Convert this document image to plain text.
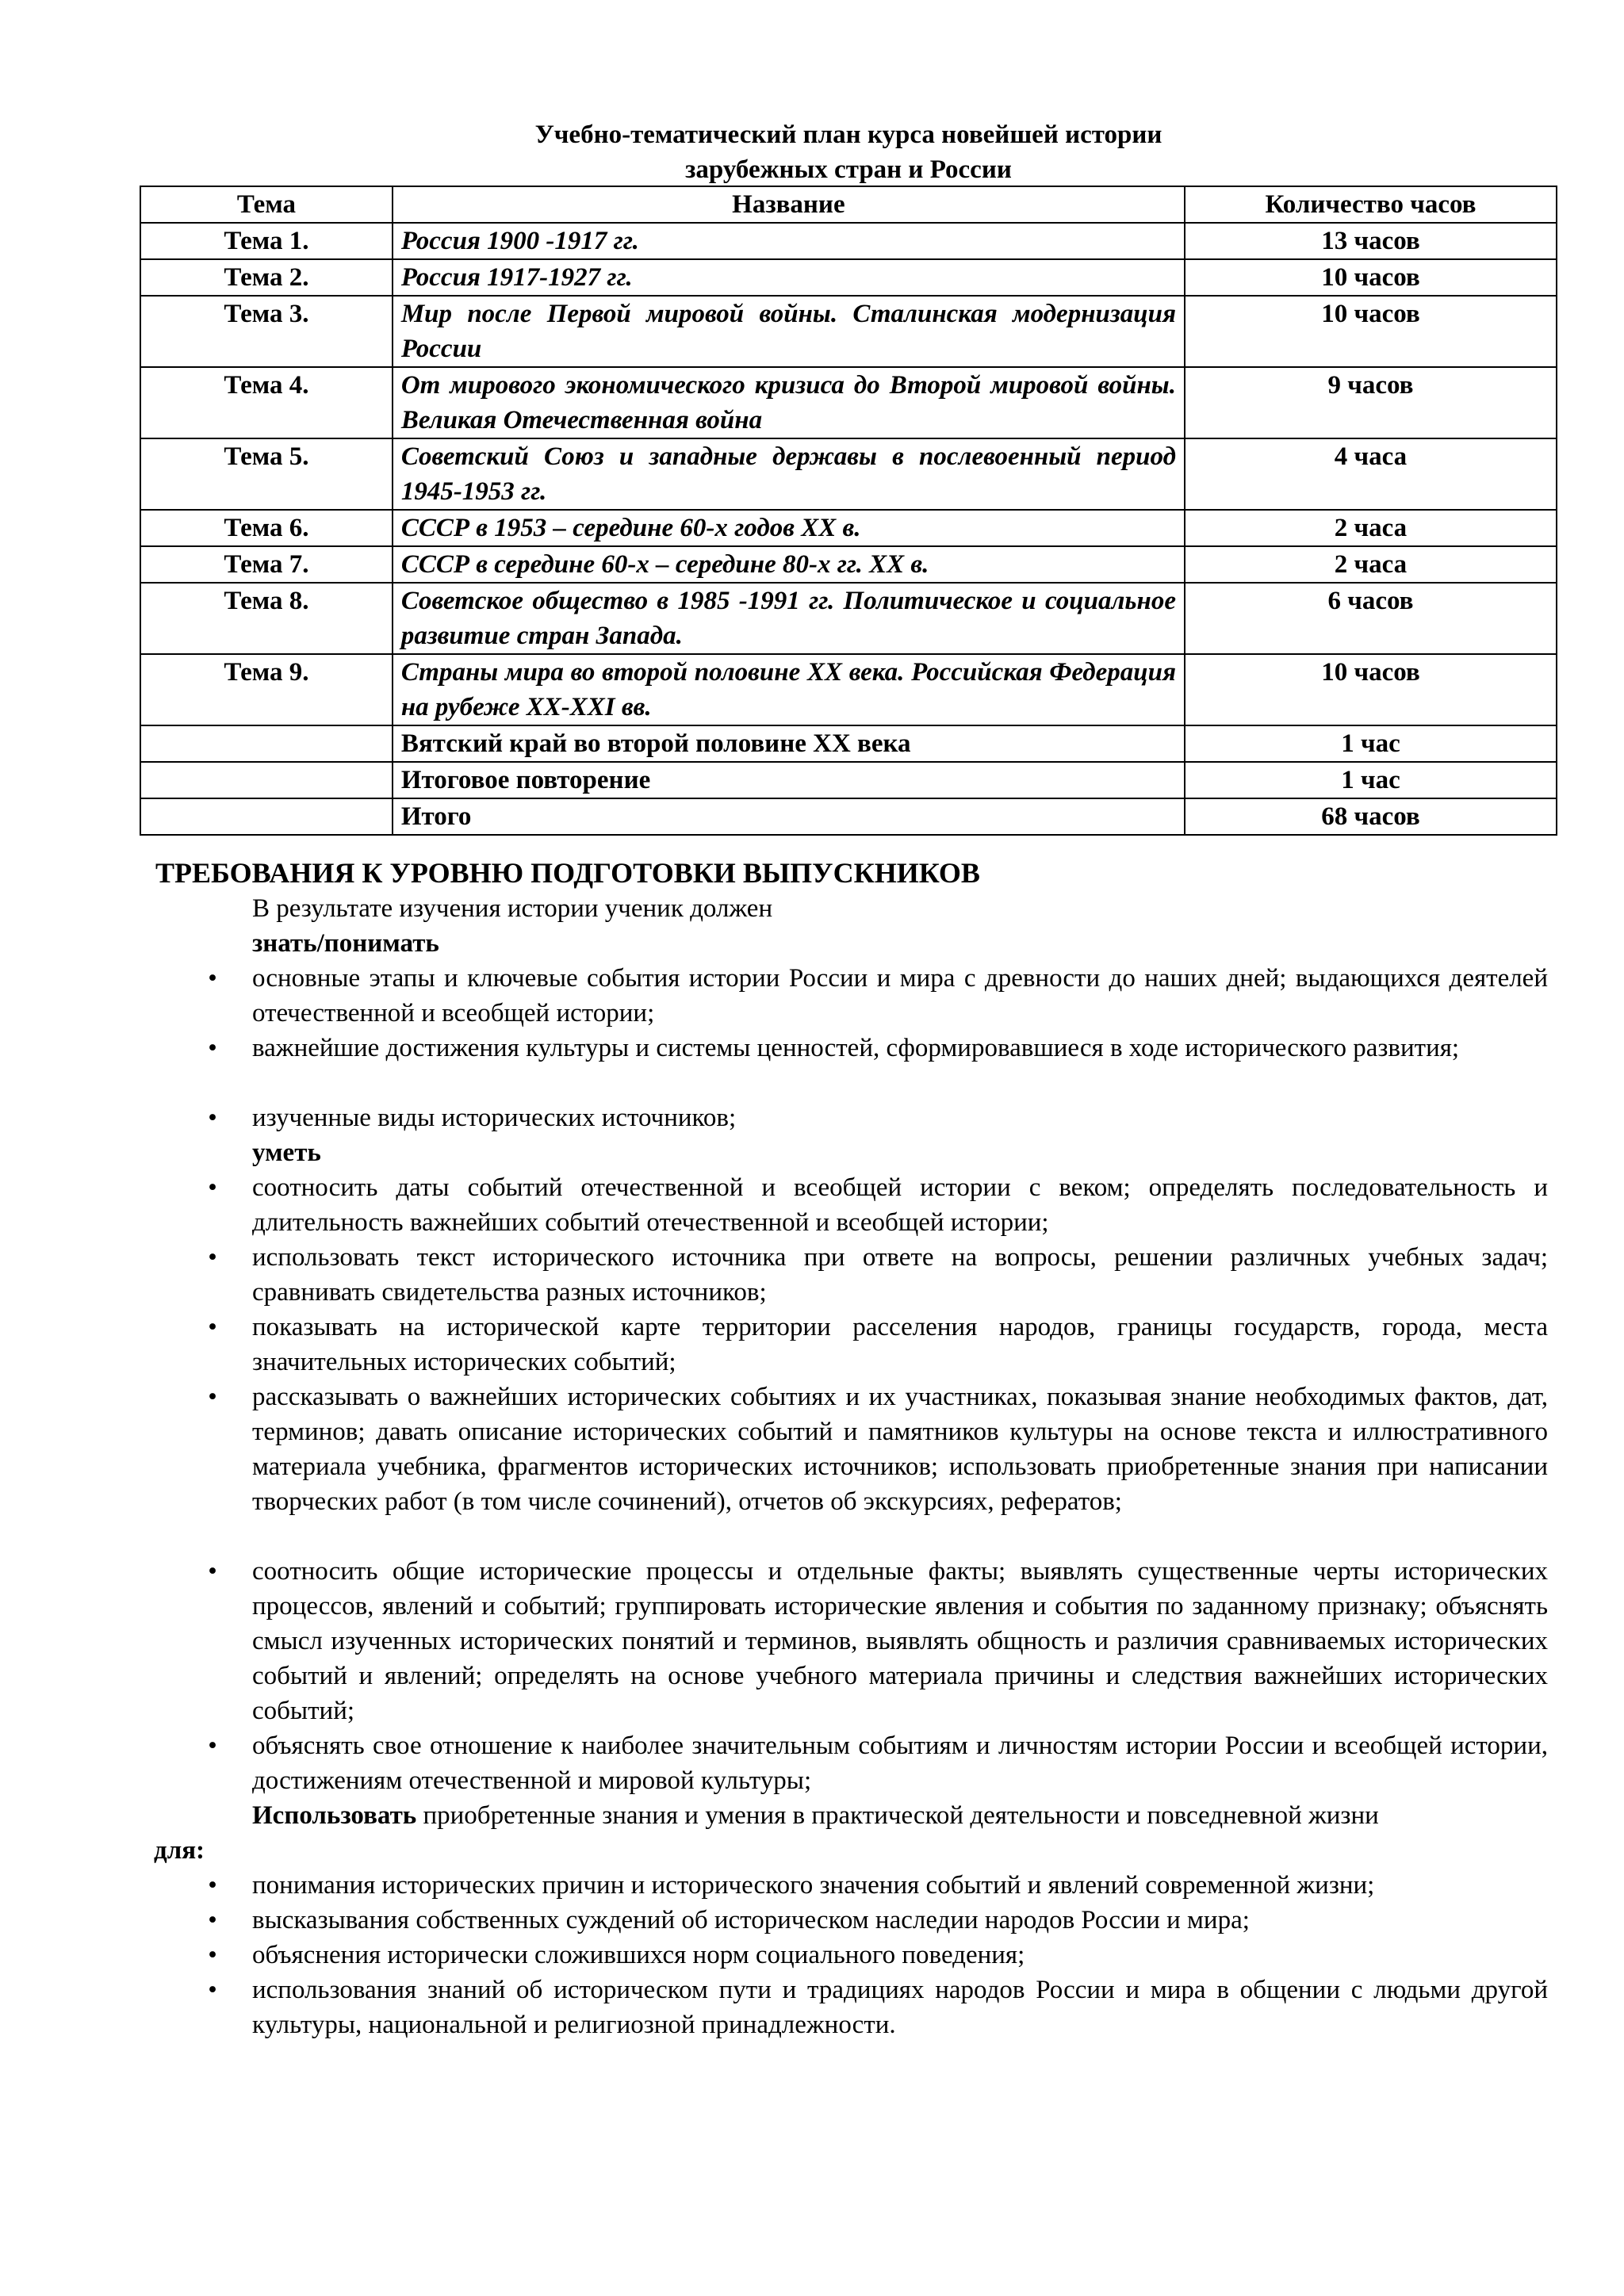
Учебно-тематический план курса новейшей истории
зарубежных стран и России
Тема	Название	Количество часов
Тема 1.	Россия 1900 -1917 гг.	13 часов
Тема 2.	Россия 1917-1927 гг.	10 часов
Тема 3.	Мир после Первой мировой войны. Сталинская модернизация России	10 часов
Тема 4.	От мирового экономического кризиса до Второй мировой войны. Великая Отечественная война	9 часов
Тема 5.	Советский Союз и западные державы в послевоенный период 1945-1953 гг.	4 часа
Тема 6.	СССР в 1953 – середине 60-х годов XX в.	2 часа
Тема 7.	СССР в середине 60-х – середине 80-х гг. XX в.	2 часа
Тема 8.	Советское общество в 1985 -1991 гг. Политическое и социальное развитие стран Запада.	6 часов
Тема 9.	Страны мира во второй половине XX века. Российская Федерация на рубеже XX-XXI вв.	10 часов
	Вятский край во второй половине XX века	1 час
	Итоговое повторение	1 час
	Итого	68 часов
ТРЕБОВАНИЯ К УРОВНЮ ПОДГОТОВКИ ВЫПУСКНИКОВ
В результате изучения истории ученик должен
знать/понимать
• основные этапы и ключевые события истории России и мира с древности до наших дней; выдающихся деятелей отечественной и всеобщей истории;
• важнейшие достижения культуры и системы ценностей, сформировавшиеся в ходе исторического развития;
• изученные виды исторических источников;
уметь
• соотносить даты событий отечественной и всеобщей истории с веком; определять последовательность и длительность важнейших событий отечественной и всеобщей истории;
• использовать текст исторического источника при ответе на вопросы, решении различных учебных задач; сравнивать свидетельства разных источников;
• показывать на исторической карте территории расселения народов, границы государств, города, места значительных исторических событий;
• рассказывать о важнейших исторических событиях и их участниках, показывая знание необходимых фактов, дат, терминов; давать описание исторических событий и памятников культуры на основе текста и иллюстративного материала учебника, фрагментов исторических источников; использовать приобретенные знания при написании творческих работ (в том числе сочинений), отчетов об экскурсиях, рефератов;
• соотносить общие исторические процессы и отдельные факты; выявлять существенные черты исторических процессов, явлений и событий; группировать исторические явления и события по заданному признаку; объяснять смысл изученных исторических понятий и терминов, выявлять общность и различия сравниваемых исторических событий и явлений; определять на основе учебного материала причины и следствия важнейших исторических событий;
• объяснять свое отношение к наиболее значительным событиям и личностям истории России и всеобщей истории, достижениям отечественной и мировой культуры;
Использовать приобретенные знания и умения в практической деятельности и повседневной жизни
для:
• понимания исторических причин и исторического значения событий и явлений современной жизни;
• высказывания собственных суждений об историческом наследии народов России и мира;
• объяснения исторически сложившихся норм социального поведения;
• использования знаний об историческом пути и традициях народов России и мира в общении с людьми другой культуры, национальной и религиозной принадлежности.
